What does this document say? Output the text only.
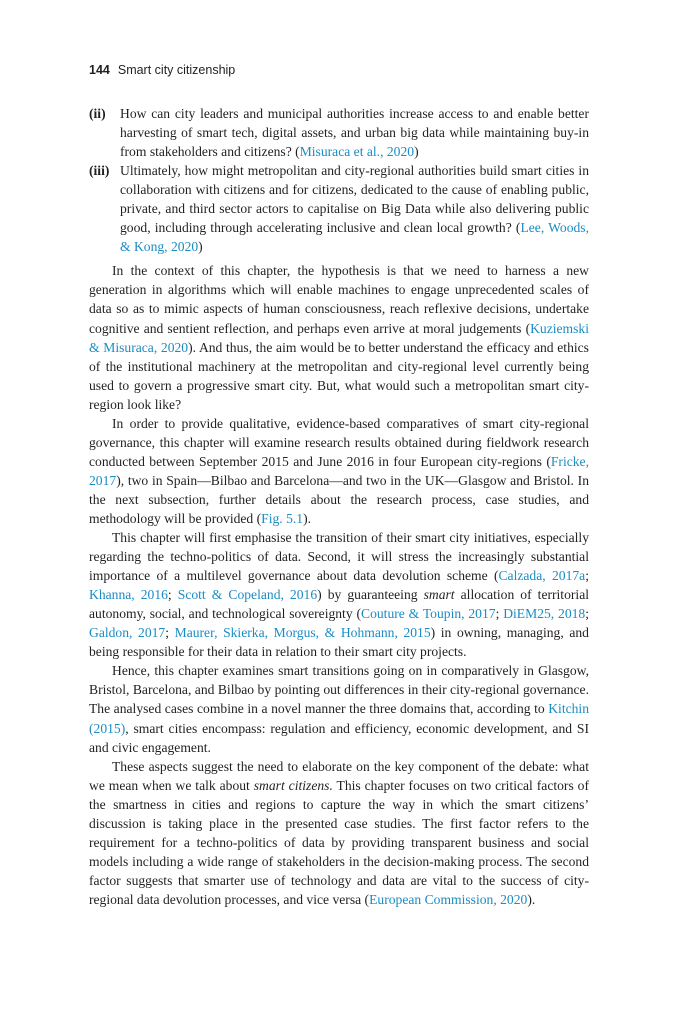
144 Smart city citizenship
(ii)	How can city leaders and municipal authorities increase access to and enable better harvesting of smart tech, digital assets, and urban big data while maintaining buy-in from stakeholders and citizens? (Misuraca et al., 2020)
(iii) Ultimately, how might metropolitan and city-regional authorities build smart cities in collaboration with citizens and for citizens, dedicated to the cause of enabling public, private, and third sector actors to capitalise on Big Data while also delivering public good, including through accelerating inclusive and clean local growth? (Lee, Woods, & Kong, 2020)

In the context of this chapter, the hypothesis is that we need to harness a new generation in algorithms which will enable machines to engage unprecedented scales of data so as to mimic aspects of human consciousness, reach reflexive decisions, undertake cognitive and sentient reflection, and perhaps even arrive at moral judgements (Kuziemski & Misuraca, 2020). And thus, the aim would be to better understand the efficacy and ethics of the institutional machinery at the metropolitan and city-regional level currently being used to govern a progressive smart city. But, what would such a metropolitan smart city-region look like?

In order to provide qualitative, evidence-based comparatives of smart city-regional governance, this chapter will examine research results obtained during fieldwork research conducted between September 2015 and June 2016 in four European city-regions (Fricke, 2017), two in Spain—Bilbao and Barcelona—and two in the UK—Glasgow and Bristol. In the next subsection, further details about the research process, case studies, and methodology will be provided (Fig. 5.1).

This chapter will first emphasise the transition of their smart city initiatives, especially regarding the techno-politics of data. Second, it will stress the increasingly substantial importance of a multilevel governance about data devolution scheme (Calzada, 2017a; Khanna, 2016; Scott & Copeland, 2016) by guaranteeing smart allocation of territorial autonomy, social, and technological sovereignty (Couture & Toupin, 2017; DiEM25, 2018; Galdon, 2017; Maurer, Skierka, Morgus, & Hohmann, 2015) in owning, managing, and being responsible for their data in relation to their smart city projects.

Hence, this chapter examines smart transitions going on in comparatively in Glasgow, Bristol, Barcelona, and Bilbao by pointing out differences in their city-regional governance. The analysed cases combine in a novel manner the three domains that, according to Kitchin (2015), smart cities encompass: regulation and efficiency, economic development, and SI and civic engagement.

These aspects suggest the need to elaborate on the key component of the debate: what we mean when we talk about smart citizens. This chapter focuses on two critical factors of the smartness in cities and regions to capture the way in which the smart citizens’ discussion is taking place in the presented case studies. The first factor refers to the requirement for a techno-politics of data by providing transparent business and social models including a wide range of stakeholders in the decision-making process. The second factor suggests that smarter use of technology and data are vital to the success of city-regional data devolution processes, and vice versa (European Commission, 2020).
